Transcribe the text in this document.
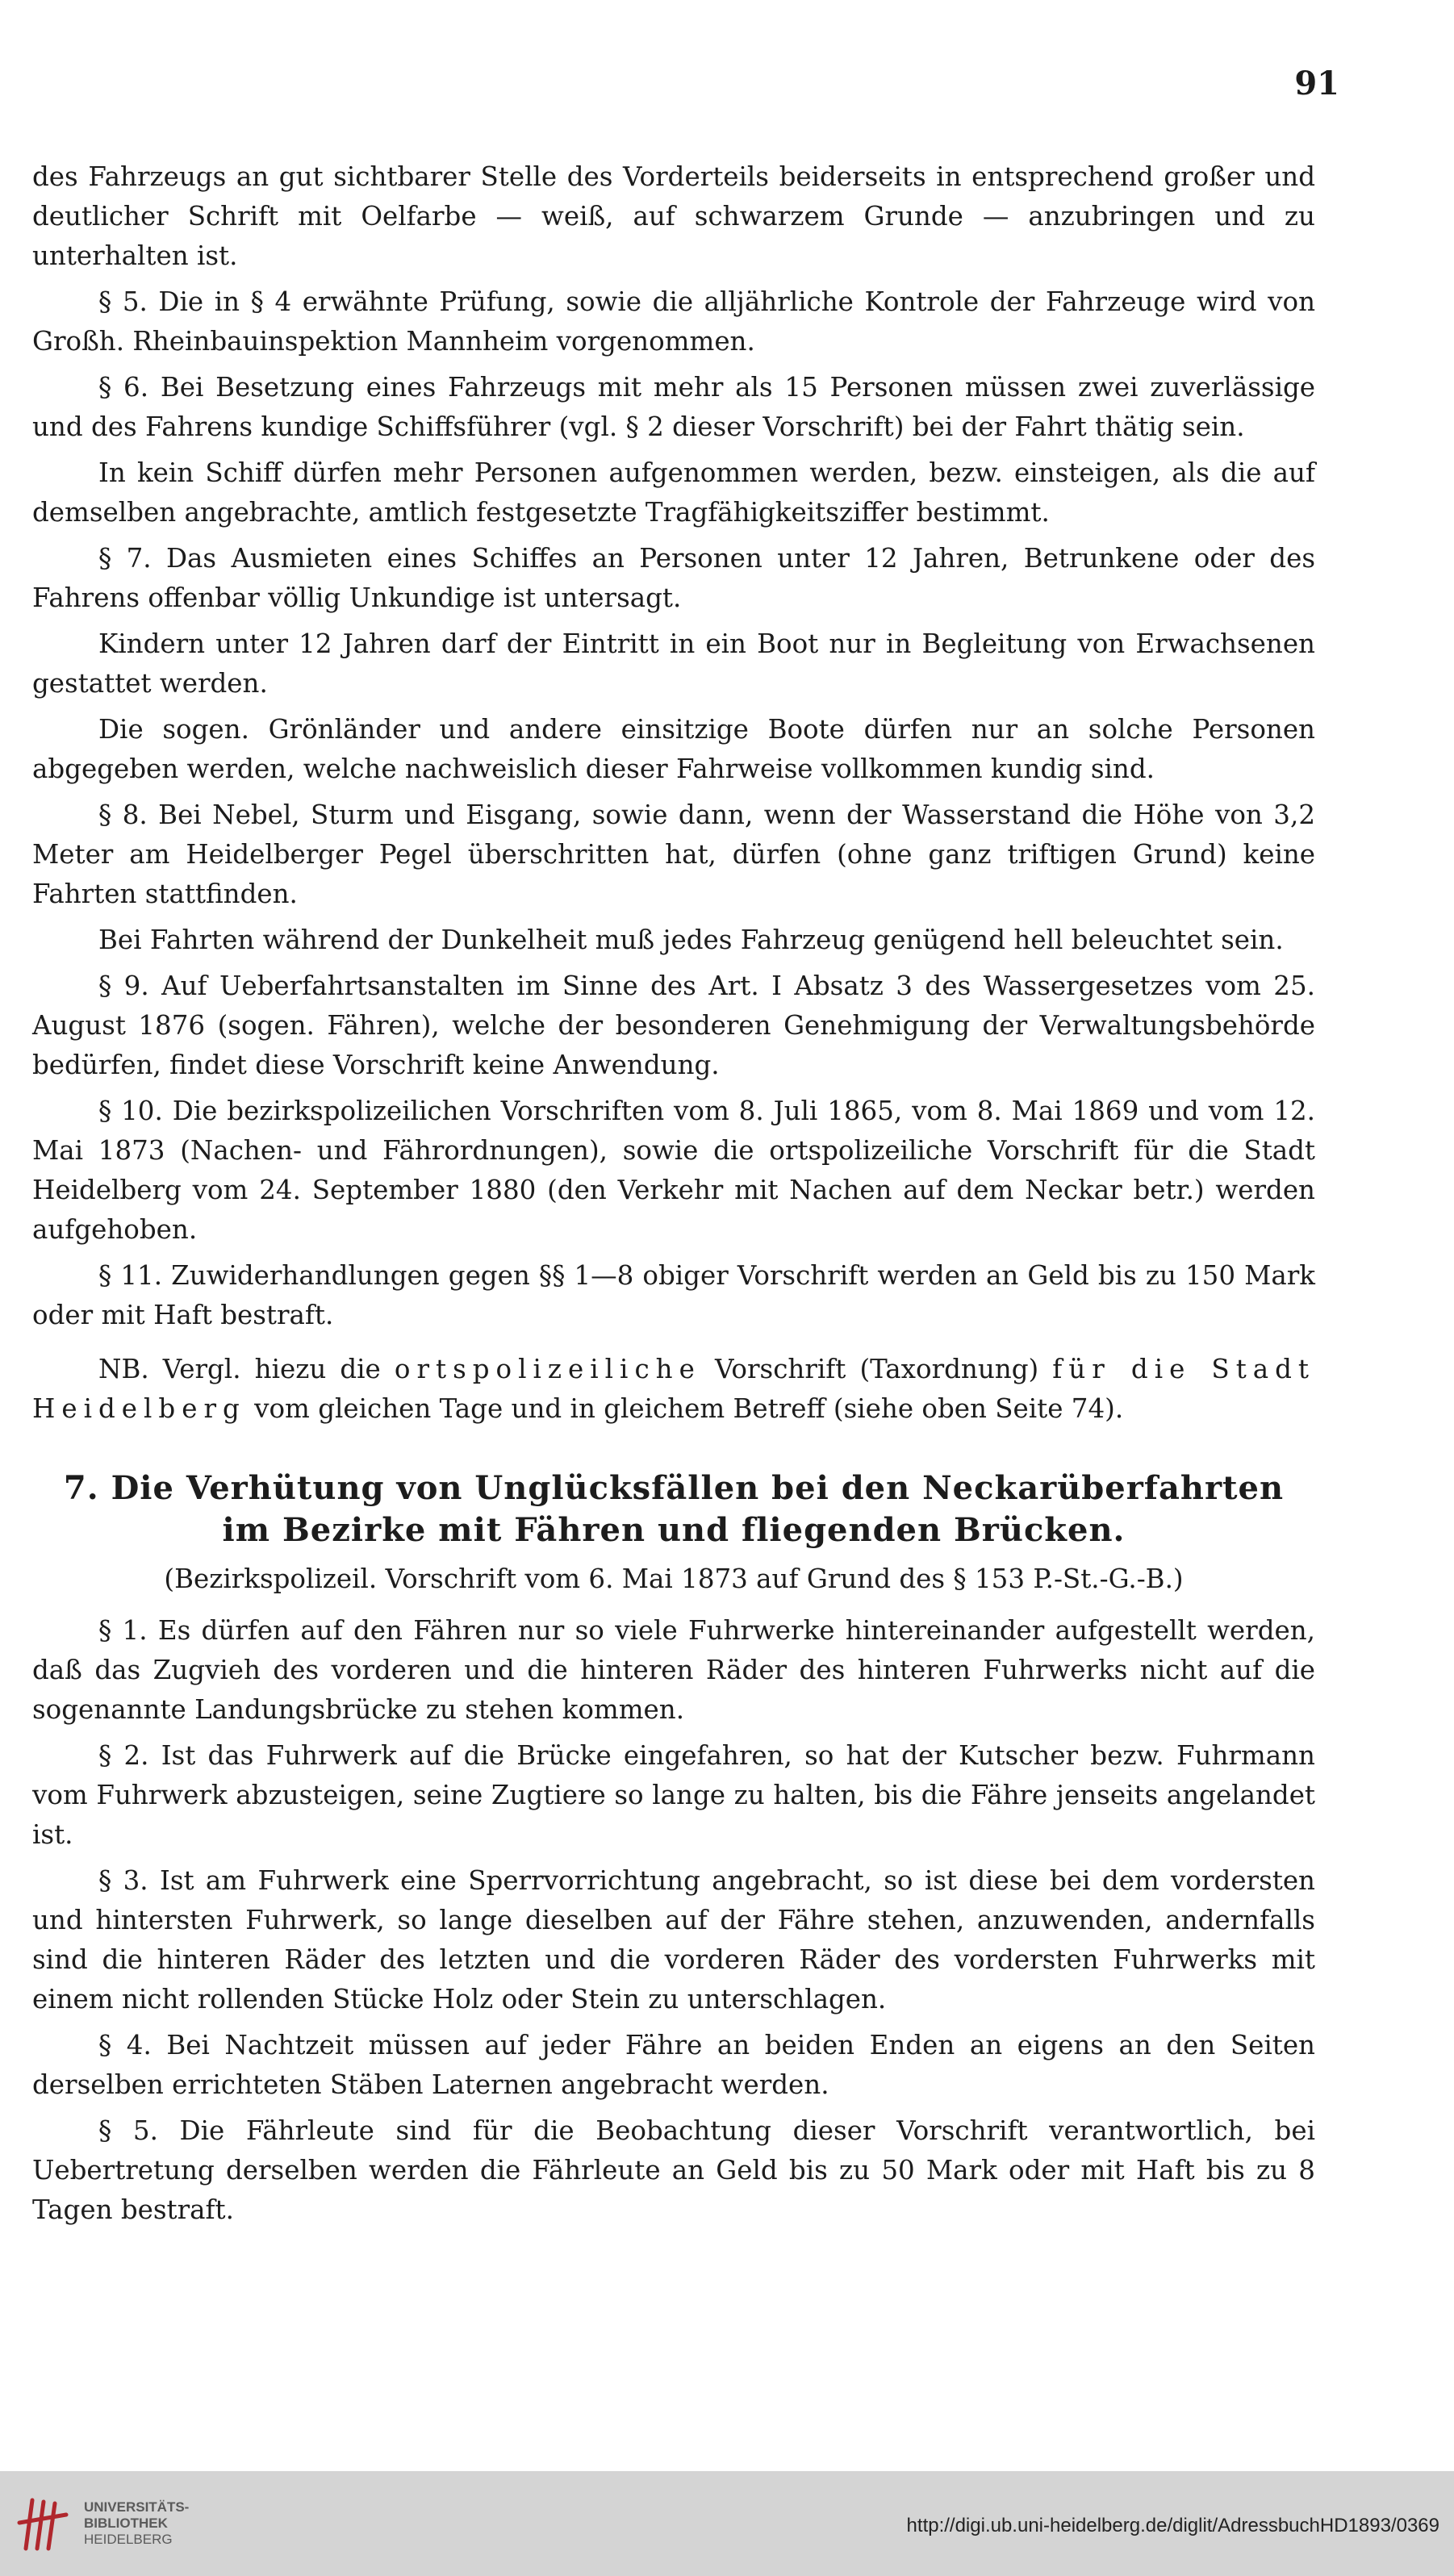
91

des Fahrzeugs an gut sichtbarer Stelle des Vorderteils beiderseits in entsprechend großer und deutlicher Schrift mit Oelfarbe — weiß, auf schwarzem Grunde — anzubringen und zu unterhalten ist.

§ 5. Die in § 4 erwähnte Prüfung, sowie die alljährliche Kontrole der Fahrzeuge wird von Großh. Rheinbauinspektion Mannheim vorgenommen.

§ 6. Bei Besetzung eines Fahrzeugs mit mehr als 15 Personen müssen zwei zuverlässige und des Fahrens kundige Schiffsführer (vgl. § 2 dieser Vorschrift) bei der Fahrt thätig sein.

In kein Schiff dürfen mehr Personen aufgenommen werden, bezw. einsteigen, als die auf demselben angebrachte, amtlich festgesetzte Tragfähigkeitsziffer bestimmt.

§ 7. Das Ausmieten eines Schiffes an Personen unter 12 Jahren, Betrunkene oder des Fahrens offenbar völlig Unkundige ist untersagt.

Kindern unter 12 Jahren darf der Eintritt in ein Boot nur in Begleitung von Erwachsenen gestattet werden.

Die sogen. Grönländer und andere einsitzige Boote dürfen nur an solche Personen abgegeben werden, welche nachweislich dieser Fahrweise vollkommen kundig sind.

§ 8. Bei Nebel, Sturm und Eisgang, sowie dann, wenn der Wasserstand die Höhe von 3,2 Meter am Heidelberger Pegel überschritten hat, dürfen (ohne ganz triftigen Grund) keine Fahrten stattfinden.

Bei Fahrten während der Dunkelheit muß jedes Fahrzeug genügend hell beleuchtet sein.

§ 9. Auf Ueberfahrtsanstalten im Sinne des Art. I Absatz 3 des Wassergesetzes vom 25. August 1876 (sogen. Fähren), welche der besonderen Genehmigung der Verwaltungsbehörde bedürfen, findet diese Vorschrift keine Anwendung.

§ 10. Die bezirkspolizeilichen Vorschriften vom 8. Juli 1865, vom 8. Mai 1869 und vom 12. Mai 1873 (Nachen- und Fährordnungen), sowie die ortspolizeiliche Vorschrift für die Stadt Heidelberg vom 24. September 1880 (den Verkehr mit Nachen auf dem Neckar betr.) werden aufgehoben.

§ 11. Zuwiderhandlungen gegen §§ 1—8 obiger Vorschrift werden an Geld bis zu 150 Mark oder mit Haft bestraft.

NB. Vergl. hiezu die ortspolizeiliche Vorschrift (Taxordnung) für die Stadt Heidelberg vom gleichen Tage und in gleichem Betreff (siehe oben Seite 74).

7. Die Verhütung von Unglücksfällen bei den Neckarüberfahrten
im Bezirke mit Fähren und fliegenden Brücken.

(Bezirkspolizeil. Vorschrift vom 6. Mai 1873 auf Grund des § 153 P.-St.-G.-B.)

§ 1. Es dürfen auf den Fähren nur so viele Fuhrwerke hintereinander aufgestellt werden, daß das Zugvieh des vorderen und die hinteren Räder des hinteren Fuhrwerks nicht auf die sogenannte Landungsbrücke zu stehen kommen.

§ 2. Ist das Fuhrwerk auf die Brücke eingefahren, so hat der Kutscher bezw. Fuhrmann vom Fuhrwerk abzusteigen, seine Zugtiere so lange zu halten, bis die Fähre jenseits angelandet ist.

§ 3. Ist am Fuhrwerk eine Sperrvorrichtung angebracht, so ist diese bei dem vordersten und hintersten Fuhrwerk, so lange dieselben auf der Fähre stehen, anzuwenden, andernfalls sind die hinteren Räder des letzten und die vorderen Räder des vordersten Fuhrwerks mit einem nicht rollenden Stücke Holz oder Stein zu unterschlagen.

§ 4. Bei Nachtzeit müssen auf jeder Fähre an beiden Enden an eigens an den Seiten derselben errichteten Stäben Laternen angebracht werden.

§ 5. Die Fährleute sind für die Beobachtung dieser Vorschrift verantwortlich, bei Uebertretung derselben werden die Fährleute an Geld bis zu 50 Mark oder mit Haft bis zu 8 Tagen bestraft.

UNIVERSITÄTS-
BIBLIOTHEK
HEIDELBERG
http://digi.ub.uni-heidelberg.de/diglit/AdressbuchHD1893/0369
